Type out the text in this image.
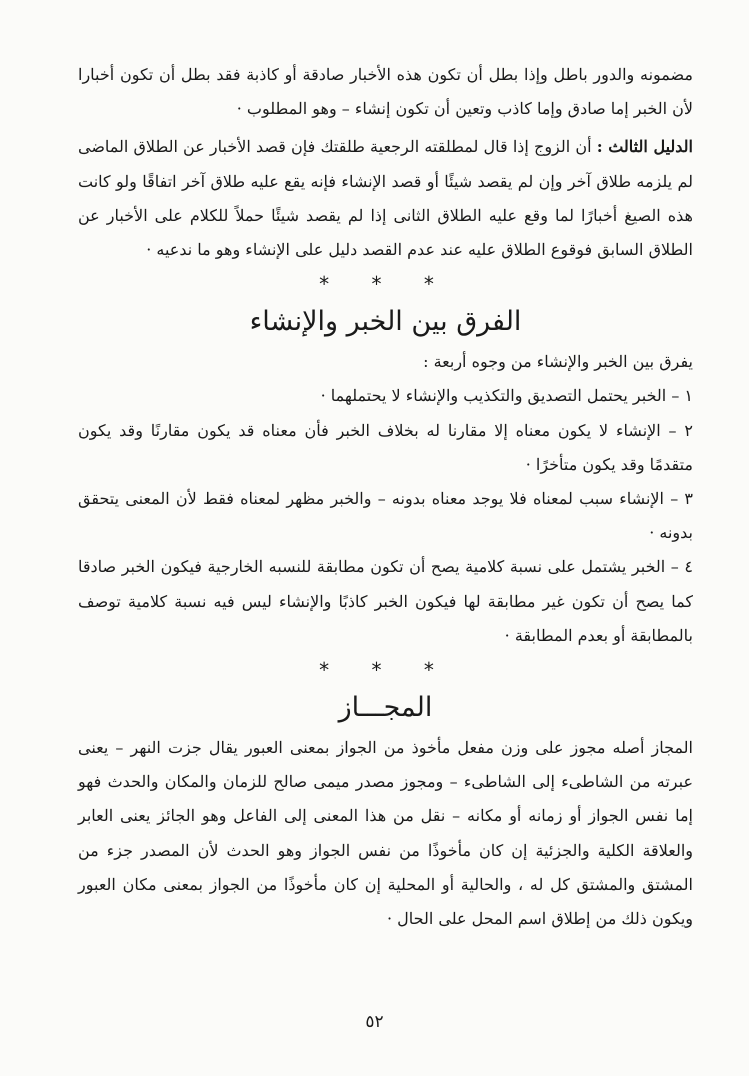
مضمونه والدور باطل وإذا بطل أن تكون هذه الأخبار صادقة أو كاذبة فقد بطل أن تكون أخبارا لأن الخبر إما صادق وإما كاذب وتعين أن تكون إنشاء – وهو المطلوب ·

الدليل الثالث : أن الزوج إذا قال لمطلقته الرجعية طلقتك فإن قصد الأخبار عن الطلاق الماضى لم يلزمه طلاق آخر وإن لم يقصد شيئًا أو قصد الإنشاء فإنه يقع عليه طلاق آخر اتفاقًا ولو كانت هذه الصيغ أخبارًا لما وقع عليه الطلاق الثانى إذا لم يقصد شيئًا حملاً للكلام على الأخبار عن الطلاق السابق فوقوع الطلاق عليه عند عدم القصد دليل على الإنشاء وهو ما ندعيه ·

* * *
الفرق بين الخبر والإنشاء

يفرق بين الخبر والإنشاء من وجوه أربعة :

١ – الخبر يحتمل التصديق والتكذيب والإنشاء لا يحتملهما ·

٢ – الإنشاء لا يكون معناه إلا مقارنا له بخلاف الخبر فأن معناه قد يكون مقارنًا وقد يكون متقدمًا وقد يكون متأخرًا ·

٣ – الإنشاء سبب لمعناه فلا يوجد معناه بدونه – والخبر مظهر لمعناه فقط لأن المعنى يتحقق بدونه ·

٤ – الخبر يشتمل على نسبة كلامية يصح أن تكون مطابقة للنسبه الخارجية فيكون الخبر صادقا كما يصح أن تكون غير مطابقة لها فيكون الخبر كاذبًا والإنشاء ليس فيه نسبة كلامية توصف بالمطابقة أو بعدم المطابقة ·

* * *
المجـــاز

المجاز أصله مجوز على وزن مفعل مأخوذ من الجواز بمعنى العبور يقال جزت النهر – يعنى عبرته من الشاطىء إلى الشاطىء – ومجوز مصدر ميمى صالح للزمان والمكان والحدث فهو إما نفس الجواز أو زمانه أو مكانه – نقل من هذا المعنى إلى الفاعل وهو الجائز يعنى العابر والعلاقة الكلية والجزئية إن كان مأخوذًا من نفس الجواز وهو الحدث لأن المصدر جزء من المشتق والمشتق كل له ، والحالية أو المحلية إن كان مأخوذًا من الجواز بمعنى مكان العبور ويكون ذلك من إطلاق اسم المحل على الحال ·

٥٢
